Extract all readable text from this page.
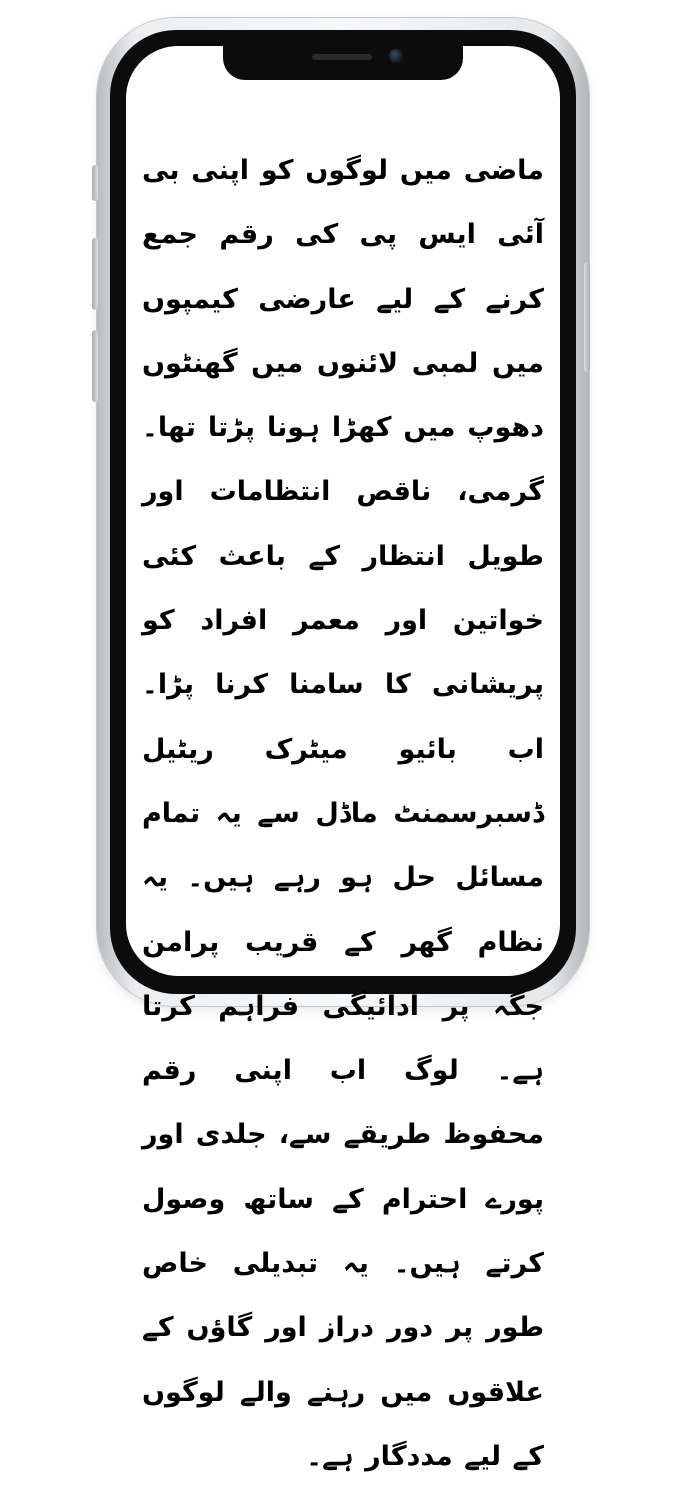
ماضی میں لوگوں کو اپنی بی آئی ایس پی کی رقم جمع کرنے کے لیے عارضی کیمپوں میں لمبی لائنوں میں گھنٹوں دھوپ میں کھڑا ہونا پڑتا تھا۔ گرمی، ناقص انتظامات اور طویل انتظار کے باعث کئی خواتین اور معمر افراد کو پریشانی کا سامنا کرنا پڑا۔ اب بائیو میٹرک ریٹیل ڈسبرسمنٹ ماڈل سے یہ تمام مسائل حل ہو رہے ہیں۔ یہ نظام گھر کے قریب پرامن جگہ پر ادائیگی فراہم کرتا ہے۔ لوگ اب اپنی رقم محفوظ طریقے سے، جلدی اور پورے احترام کے ساتھ وصول کرتے ہیں۔ یہ تبدیلی خاص طور پر دور دراز اور گاؤں کے علاقوں میں رہنے والے لوگوں کے لیے مددگار ہے۔
